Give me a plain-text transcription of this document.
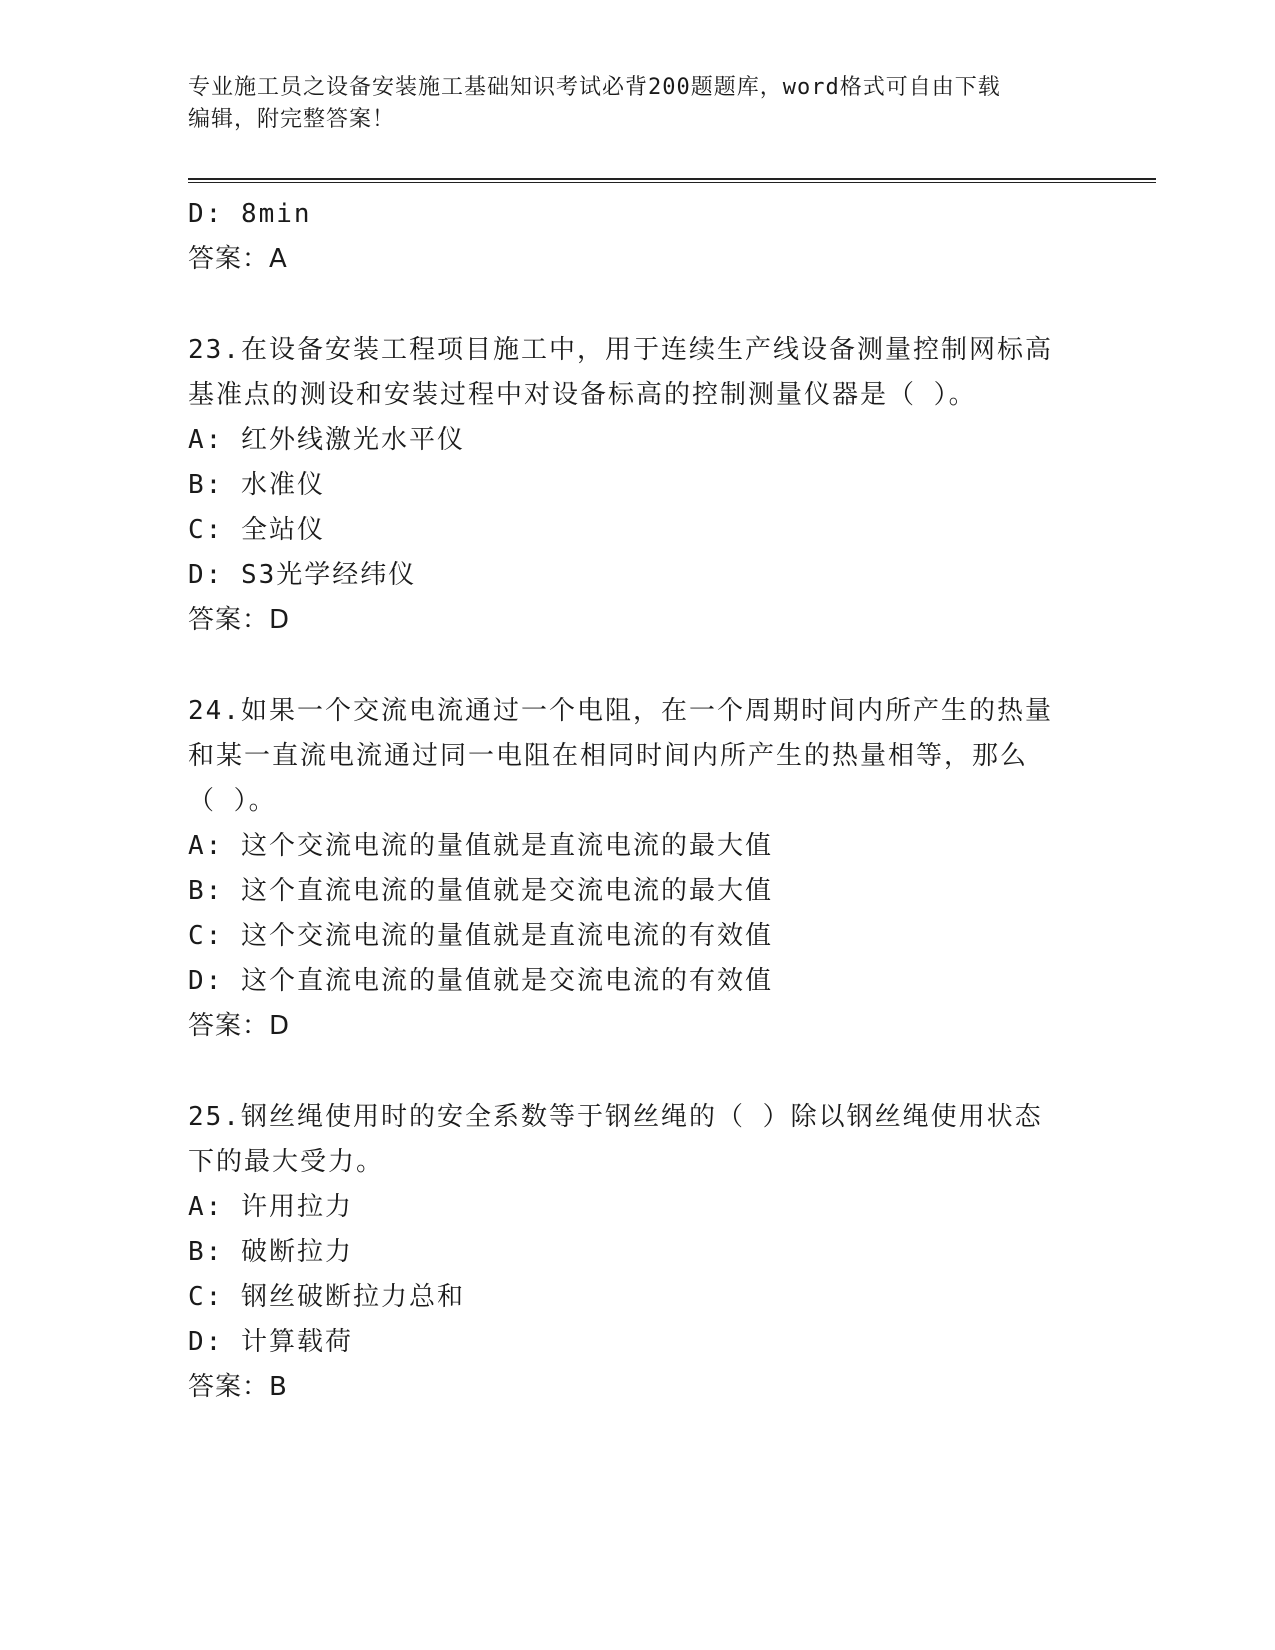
专业施工员之设备安装施工基础知识考试必背200题题库，word格式可自由下载
编辑，附完整答案！
D: 8min
答案：A
23.在设备安装工程项目施工中，用于连续生产线设备测量控制网标高
基准点的测设和安装过程中对设备标高的控制测量仪器是（ ）。
A: 红外线激光水平仪
B: 水准仪
C: 全站仪
D: S3光学经纬仪
答案：D
24.如果一个交流电流通过一个电阻，在一个周期时间内所产生的热量
和某一直流电流通过同一电阻在相同时间内所产生的热量相等，那么
（ ）。
A: 这个交流电流的量值就是直流电流的最大值
B: 这个直流电流的量值就是交流电流的最大值
C: 这个交流电流的量值就是直流电流的有效值
D: 这个直流电流的量值就是交流电流的有效值
答案：D
25.钢丝绳使用时的安全系数等于钢丝绳的（ ）除以钢丝绳使用状态
下的最大受力。
A: 许用拉力
B: 破断拉力
C: 钢丝破断拉力总和
D: 计算载荷
答案：B
